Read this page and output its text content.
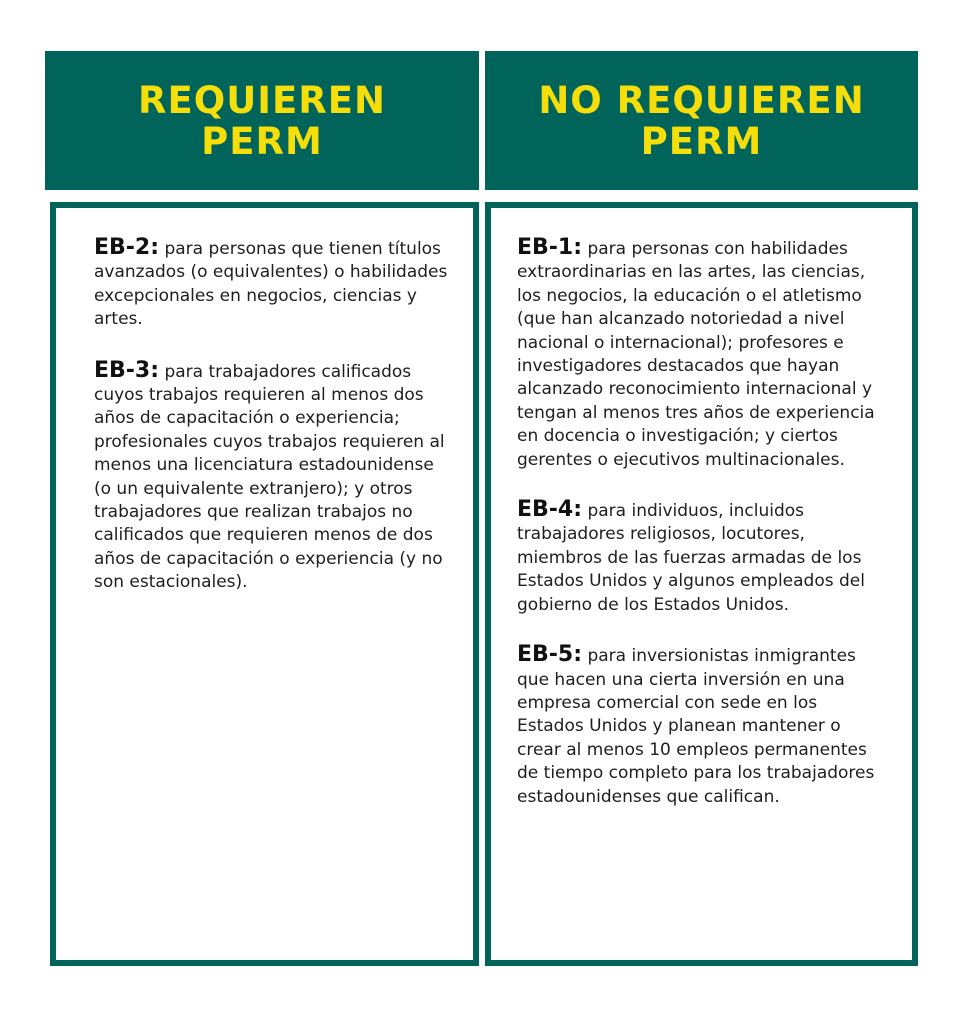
REQUIEREN
PERM
NO REQUIEREN
PERM

EB-2: para personas que tienen títulos avanzados (o equivalentes) o habilidades excepcionales en negocios, ciencias y artes.

EB-3: para trabajadores calificados cuyos trabajos requieren al menos dos años de capacitación o experiencia; profesionales cuyos trabajos requieren al menos una licenciatura estadounidense (o un equivalente extranjero); y otros trabajadores que realizan trabajos no calificados que requieren menos de dos años de capacitación o experiencia (y no son estacionales).

EB-1: para personas con habilidades extraordinarias en las artes, las ciencias, los negocios, la educación o el atletismo (que han alcanzado notoriedad a nivel nacional o internacional); profesores e investigadores destacados que hayan alcanzado reconocimiento internacional y tengan al menos tres años de experiencia en docencia o investigación; y ciertos gerentes o ejecutivos multinacionales.

EB-4: para individuos, incluidos trabajadores religiosos, locutores, miembros de las fuerzas armadas de los Estados Unidos y algunos empleados del gobierno de los Estados Unidos.

EB-5: para inversionistas inmigrantes que hacen una cierta inversión en una empresa comercial con sede en los Estados Unidos y planean mantener o crear al menos 10 empleos permanentes de tiempo completo para los trabajadores estadounidenses que califican.
